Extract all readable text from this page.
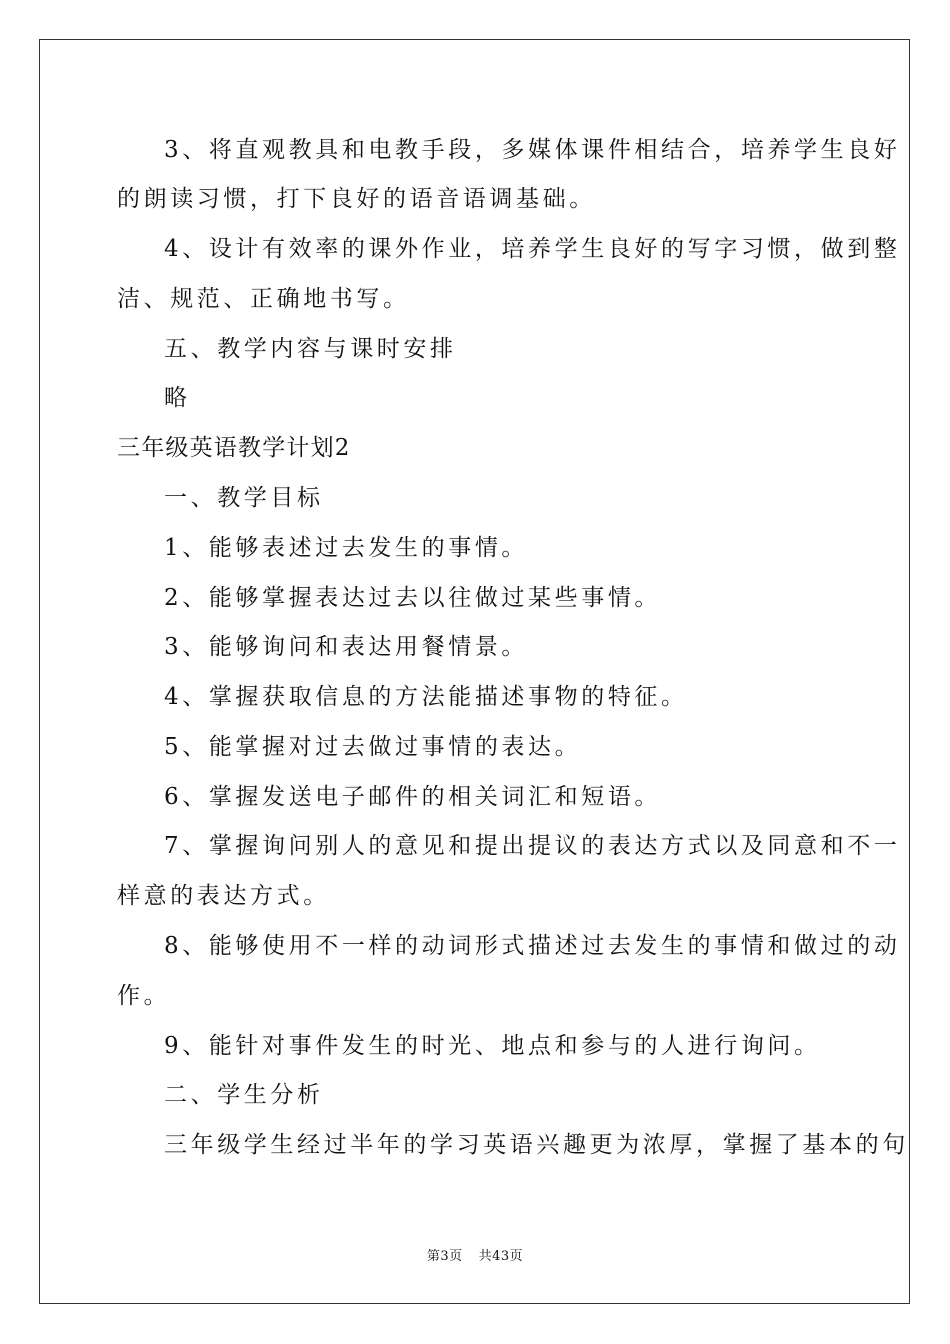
3、将直观教具和电教手段，多媒体课件相结合，培养学生良好
的朗读习惯，打下良好的语音语调基础。
4、设计有效率的课外作业，培养学生良好的写字习惯，做到整
洁、规范、正确地书写。
五、教学内容与课时安排
略
三年级英语教学计划2
一、教学目标
1、能够表述过去发生的事情。
2、能够掌握表达过去以往做过某些事情。
3、能够询问和表达用餐情景。
4、掌握获取信息的方法能描述事物的特征。
5、能掌握对过去做过事情的表达。
6、掌握发送电子邮件的相关词汇和短语。
7、掌握询问别人的意见和提出提议的表达方式以及同意和不一
样意的表达方式。
8、能够使用不一样的动词形式描述过去发生的事情和做过的动
作。
9、能针对事件发生的时光、地点和参与的人进行询问。
二、学生分析
三年级学生经过半年的学习英语兴趣更为浓厚，掌握了基本的句
第3页 共43页
